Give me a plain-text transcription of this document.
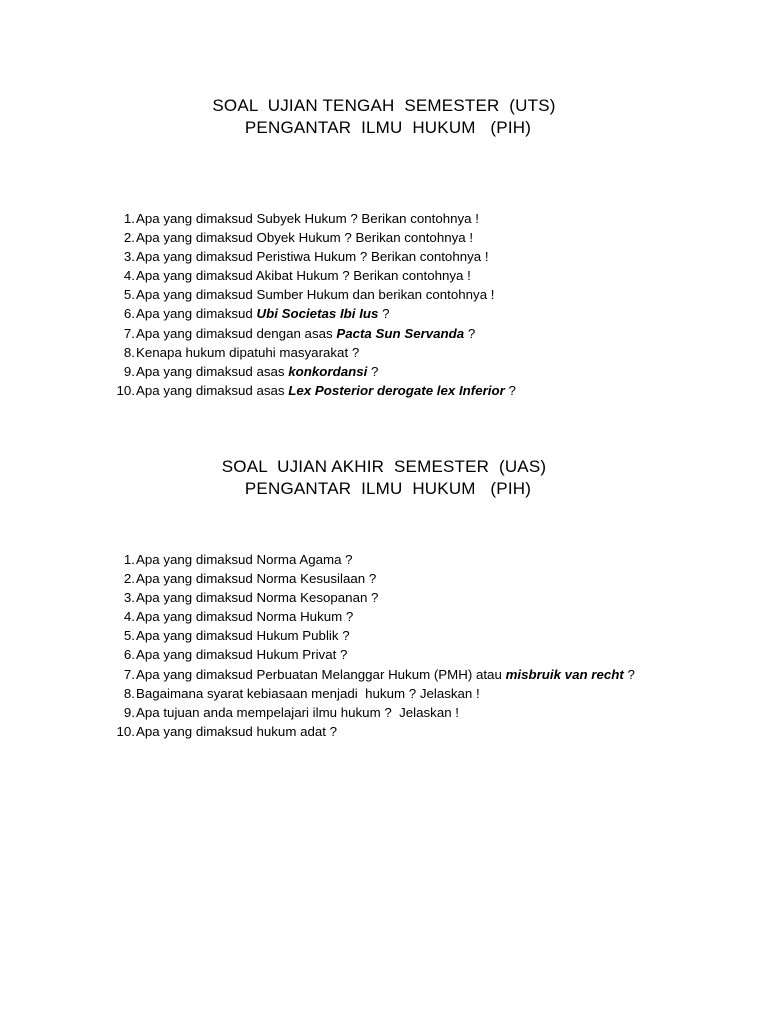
SOAL  UJIAN TENGAH  SEMESTER  (UTS)
PENGANTAR  ILMU  HUKUM   (PIH)
1. Apa yang dimaksud Subyek Hukum ? Berikan contohnya !
2. Apa yang dimaksud Obyek Hukum ? Berikan contohnya !
3. Apa yang dimaksud Peristiwa Hukum ? Berikan contohnya !
4. Apa yang dimaksud Akibat Hukum ? Berikan contohnya !
5. Apa yang dimaksud Sumber Hukum dan berikan contohnya !
6. Apa yang dimaksud Ubi Societas Ibi Ius ?
7. Apa yang dimaksud dengan asas Pacta Sun Servanda ?
8. Kenapa hukum dipatuhi masyarakat ?
9. Apa yang dimaksud asas konkordansi ?
10. Apa yang dimaksud asas Lex Posterior derogate lex Inferior ?
SOAL  UJIAN AKHIR  SEMESTER  (UAS)
PENGANTAR  ILMU  HUKUM   (PIH)
1. Apa yang dimaksud Norma Agama ?
2. Apa yang dimaksud Norma Kesusilaan ?
3. Apa yang dimaksud Norma Kesopanan ?
4. Apa yang dimaksud Norma Hukum ?
5. Apa yang dimaksud Hukum Publik ?
6. Apa yang dimaksud Hukum Privat ?
7. Apa yang dimaksud Perbuatan Melanggar Hukum (PMH) atau misbruik van recht ?
8. Bagaimana syarat kebiasaan menjadi  hukum ? Jelaskan !
9. Apa tujuan anda mempelajari ilmu hukum ?  Jelaskan !
10. Apa yang dimaksud hukum adat ?
